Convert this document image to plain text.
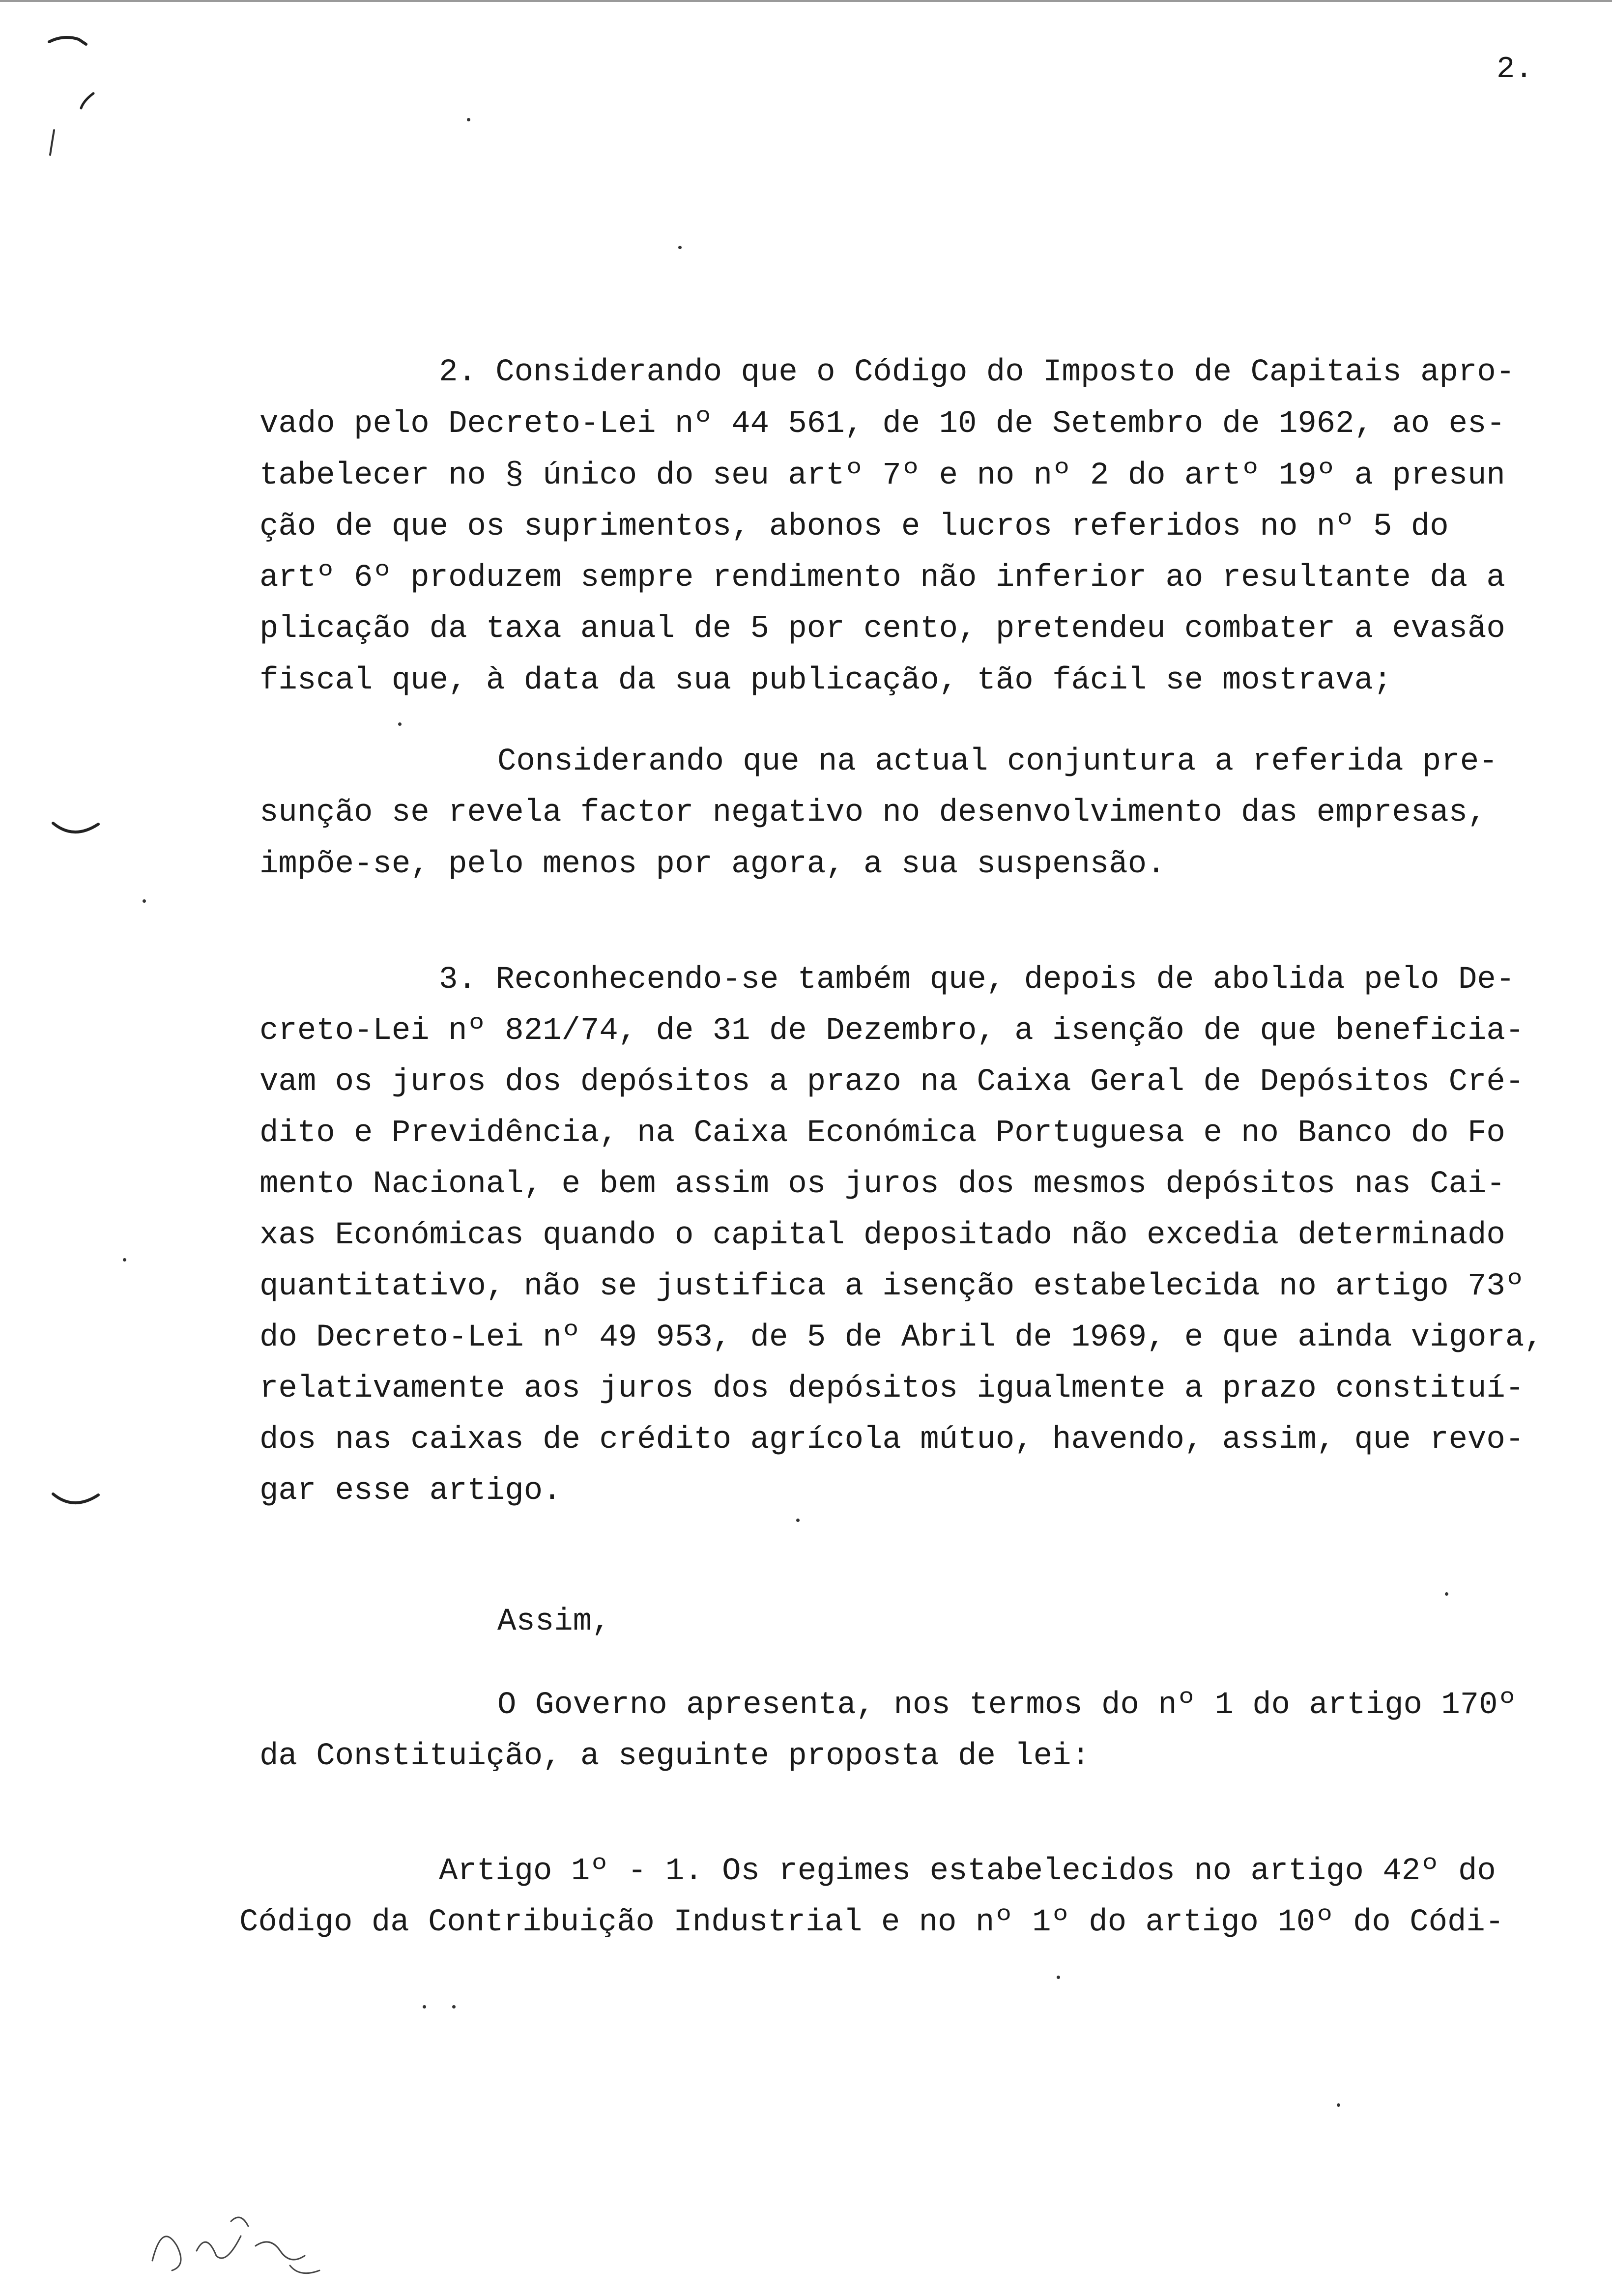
2.
2. Considerando que o Código do Imposto de Capitais apro-
vado pelo Decreto-Lei nº 44 561, de 10 de Setembro de 1962, ao es-
tabelecer no § único do seu artº 7º e no nº 2 do artº 19º a presun
ção de que os suprimentos, abonos e lucros referidos no nº 5 do
artº 6º produzem sempre rendimento não inferior ao resultante da a
plicação da taxa anual de 5 por cento, pretendeu combater a evasão
fiscal que, à data da sua publicação, tão fácil se mostrava;
Considerando que na actual conjuntura a referida pre-
sunção se revela factor negativo no desenvolvimento das empresas,
impõe-se, pelo menos por agora, a sua suspensão.
3. Reconhecendo-se também que, depois de abolida pelo De-
creto-Lei nº 821/74, de 31 de Dezembro, a isenção de que beneficia-
vam os juros dos depósitos a prazo na Caixa Geral de Depósitos Cré-
dito e Previdência, na Caixa Económica Portuguesa e no Banco do Fo
mento Nacional, e bem assim os juros dos mesmos depósitos nas Cai-
xas Económicas quando o capital depositado não excedia determinado
quantitativo, não se justifica a isenção estabelecida no artigo 73º
do Decreto-Lei nº 49 953, de 5 de Abril de 1969, e que ainda vigora,
relativamente aos juros dos depósitos igualmente a prazo constituí-
dos nas caixas de crédito agrícola mútuo, havendo, assim, que revo-
gar esse artigo.
Assim,
O Governo apresenta, nos termos do nº 1 do artigo 170º
da Constituição, a seguinte proposta de lei:
Artigo 1º - 1. Os regimes estabelecidos no artigo 42º do
Código da Contribuição Industrial e no nº 1º do artigo 10º do Códi-
